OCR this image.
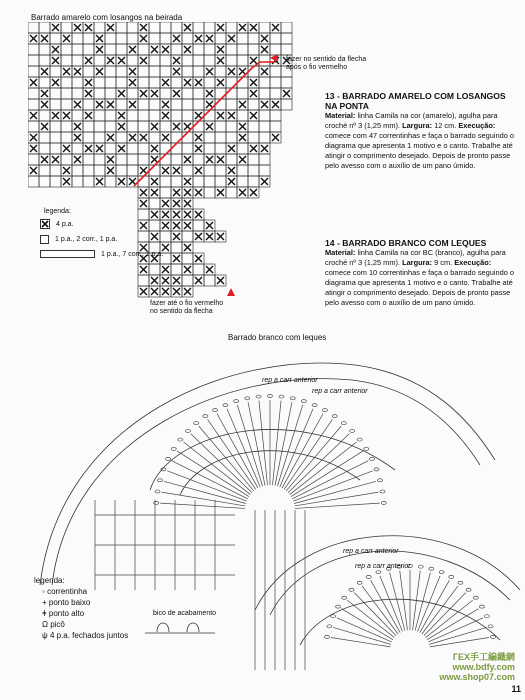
Barrado amarelo com losangos na beirada
fazer no sentido da flecha
após o fio vermelho
fazer até o fio vermelho
no sentido da flecha
legenda:
4 p.a.
1 p.a., 2 corr., 1 p.a.
1 p.a., 7 corr., 1 p.a.
13 - BARRADO AMARELO COM LOSANGOS NA PONTA

Material: linha Camila na cor (amarelo), agulha para croché nº 3 (1,25 mm). Largura: 12 cm. Execução: comece com 47 correntinhas e faça o barrado seguindo o diagrama que apresenta 1 motivo e o canto. Trabalhe até atingir o comprimento desejado. Depois de pronto passe pelo avesso com o auxílio de um pano úmido.

14 - BARRADO BRANCO COM LEQUES

Material: linha Camila na cor BC (branco), agulha para croché nº 3 (1,25 mm). Largura: 9 cm. Execução: comece com 10 correntinhas e faça o barrado seguindo o diagrama que apresenta 1 motivo e o canto. Trabalhe até atingir o comprimento desejado. Depois de pronto passe pelo avesso com o auxílio de um pano úmido.

Barrado branco com leques
rep a carr anterior
rep a carr anterior
rep a carr anterior
rep a carr anterior
bico de acabamento
legenda:
◦ correntinha
+ ponto baixo
ǂ ponto alto
Ω picô
ψ 4 p.a. fechados juntos
ГЕХ手工編織網
www.bdfy.com
www.shop07.com
11
